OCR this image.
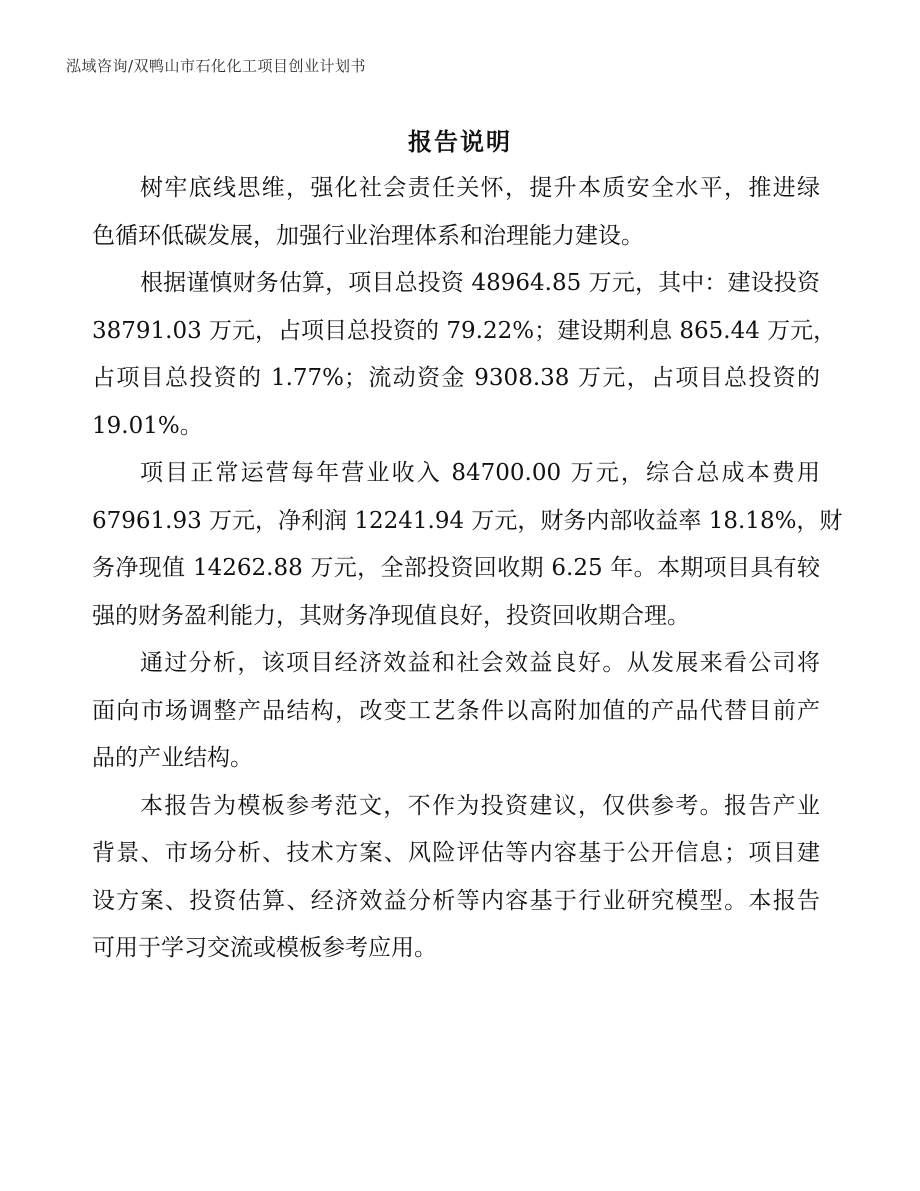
泓域咨询/双鸭山市石化化工项目创业计划书
报告说明
树牢底线思维，强化社会责任关怀，提升本质安全水平，推进绿
色循环低碳发展，加强行业治理体系和治理能力建设。
根据谨慎财务估算，项目总投资 48964.85 万元，其中：建设投资
38791.03 万元，占项目总投资的 79.22%；建设期利息 865.44 万元，
占项目总投资的 1.77%；流动资金 9308.38 万元，占项目总投资的
19.01%。
项目正常运营每年营业收入 84700.00 万元，综合总成本费用
67961.93 万元，净利润 12241.94 万元，财务内部收益率 18.18%，财
务净现值 14262.88 万元，全部投资回收期 6.25 年。本期项目具有较
强的财务盈利能力，其财务净现值良好，投资回收期合理。
通过分析，该项目经济效益和社会效益良好。从发展来看公司将
面向市场调整产品结构，改变工艺条件以高附加值的产品代替目前产
品的产业结构。
本报告为模板参考范文，不作为投资建议，仅供参考。报告产业
背景、市场分析、技术方案、风险评估等内容基于公开信息；项目建
设方案、投资估算、经济效益分析等内容基于行业研究模型。本报告
可用于学习交流或模板参考应用。
